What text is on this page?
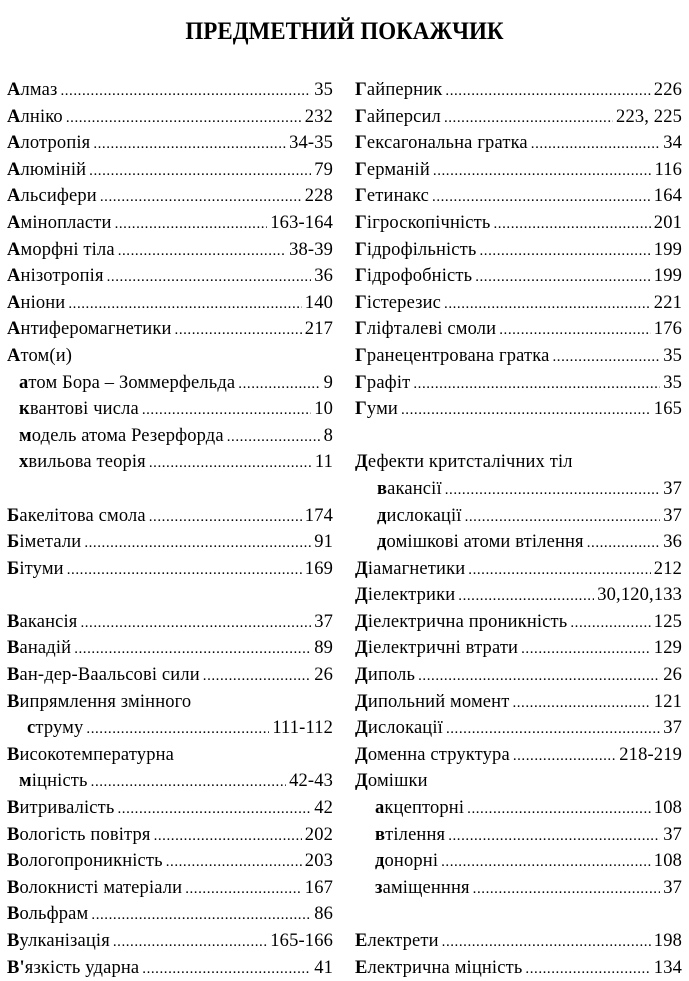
ПРЕДМЕТНИЙ ПОКАЖЧИК
Алмаз . . .	35
Алніко . . .	232
Алотропія . . .	34-35
Алюміній . . .	79
Альсифери . . .	228
Амінопласти . . .	163-164
Аморфні тіла . . .	38-39
Анізотропія . . .	36
Аніони . . .	140
Антиферомагнетики . . .	217
Атом(и)
атом Бора – Зоммерфельда . . .	9
квантові числа . . .	10
модель атома Резерфорда . . .	8
хвильова теорія . . .	11
Бакелітова смола . . .	174
Біметали . . .	91
Бітуми . . .	169
Вакансія . . .	37
Ванадій . . .	89
Ван-дер-Ваальсові сили . . .	26
Випрямлення змінного
струму . . .	111-112
Високотемпературна
міцність . . .	42-43
Витривалість . . .	42
Вологість повітря . . .	202
Вологопроникність . . .	203
Волокнисті матеріали . . .	167
Вольфрам . . .	86
Вулканізація . . .	165-166
В'язкість ударна . . .	41
Гайперник . . .	226
Гайперсил . . .	223, 225
Гексагональна гратка . . .	34
Германій . . .	116
Гетинакс . . .	164
Гігроскопічність . . .	201
Гідрофільність . . .	199
Гідрофобність . . .	199
Гістерезис . . .	221
Гліфталеві смоли . . .	176
Гранецентрована гратка . . .	35
Графіт . . .	35
Гуми . . .	165
Дефекти критсталічних тіл
вакансії . . .	37
дислокації . . .	37
домішкові атоми втілення . . .	36
Діамагнетики . . .	212
Діелектрики . . .	30,120,133
Діелектрична проникність . . .	125
Діелектричні втрати . . .	129
Диполь . . .	26
Дипольний момент . . .	121
Дислокації . . .	37
Доменна структура . . .	218-219
Домішки
акцепторні . . .	108
втілення . . .	37
донорні . . .	108
заміщенння . . .	37
Електрети . . .	198
Електрична міцність . . .	134
